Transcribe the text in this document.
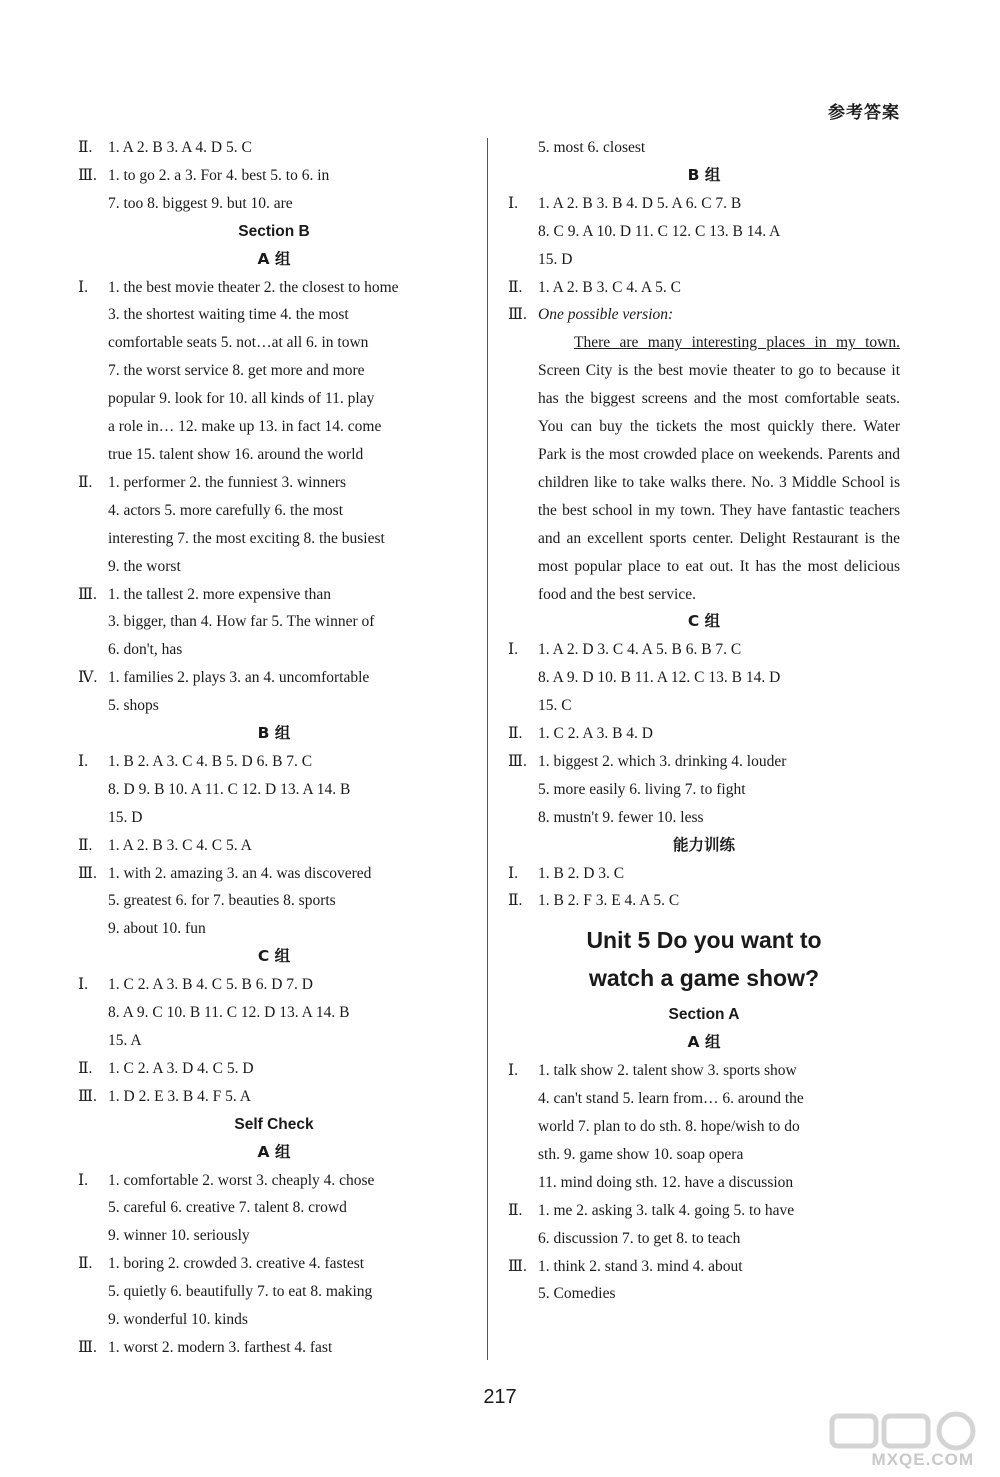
参考答案
Ⅱ. 1. A 2. B 3. A 4. D 5. C
Ⅲ. 1. to go 2. a 3. For 4. best 5. to 6. in
7. too 8. biggest 9. but 10. are
Section B
A 组
Ⅰ. 1. the best movie theater 2. the closest to home
3. the shortest waiting time 4. the most
comfortable seats 5. not…at all 6. in town
7. the worst service 8. get more and more
popular 9. look for 10. all kinds of 11. play
a role in… 12. make up 13. in fact 14. come
true 15. talent show 16. around the world
Ⅱ. 1. performer 2. the funniest 3. winners
4. actors 5. more carefully 6. the most
interesting 7. the most exciting 8. the busiest
9. the worst
Ⅲ. 1. the tallest 2. more expensive than
3. bigger, than 4. How far 5. The winner of
6. don't, has
Ⅳ. 1. families 2. plays 3. an 4. uncomfortable
5. shops
B 组
Ⅰ. 1. B 2. A 3. C 4. B 5. D 6. B 7. C
8. D 9. B 10. A 11. C 12. D 13. A 14. B
15. D
Ⅱ. 1. A 2. B 3. C 4. C 5. A
Ⅲ. 1. with 2. amazing 3. an 4. was discovered
5. greatest 6. for 7. beauties 8. sports
9. about 10. fun
C 组
Ⅰ. 1. C 2. A 3. B 4. C 5. B 6. D 7. D
8. A 9. C 10. B 11. C 12. D 13. A 14. B
15. A
Ⅱ. 1. C 2. A 3. D 4. C 5. D
Ⅲ. 1. D 2. E 3. B 4. F 5. A
Self Check
A 组
Ⅰ. 1. comfortable 2. worst 3. cheaply 4. chose
5. careful 6. creative 7. talent 8. crowd
9. winner 10. seriously
Ⅱ. 1. boring 2. crowded 3. creative 4. fastest
5. quietly 6. beautifully 7. to eat 8. making
9. wonderful 10. kinds
Ⅲ. 1. worst 2. modern 3. farthest 4. fast
5. most 6. closest
B 组
Ⅰ. 1. A 2. B 3. B 4. D 5. A 6. C 7. B
8. C 9. A 10. D 11. C 12. C 13. B 14. A
15. D
Ⅱ. 1. A 2. B 3. C 4. A 5. C
Ⅲ. One possible version:
There are many interesting places in my town. Screen City is the best movie theater to go to because it has the biggest screens and the most comfortable seats. You can buy the tickets the most quickly there. Water Park is the most crowded place on weekends. Parents and children like to take walks there. No. 3 Middle School is the best school in my town. They have fantastic teachers and an excellent sports center. Delight Restaurant is the most popular place to eat out. It has the most delicious food and the best service.
C 组
Ⅰ. 1. A 2. D 3. C 4. A 5. B 6. B 7. C
8. A 9. D 10. B 11. A 12. C 13. B 14. D
15. C
Ⅱ. 1. C 2. A 3. B 4. D
Ⅲ. 1. biggest 2. which 3. drinking 4. louder
5. more easily 6. living 7. to fight
8. mustn't 9. fewer 10. less
能力训练
Ⅰ. 1. B 2. D 3. C
Ⅱ. 1. B 2. F 3. E 4. A 5. C
Unit 5 Do you want to
watch a game show?
Section A
A 组
Ⅰ. 1. talk show 2. talent show 3. sports show
4. can't stand 5. learn from… 6. around the
world 7. plan to do sth. 8. hope/wish to do
sth. 9. game show 10. soap opera
11. mind doing sth. 12. have a discussion
Ⅱ. 1. me 2. asking 3. talk 4. going 5. to have
6. discussion 7. to get 8. to teach
Ⅲ. 1. think 2. stand 3. mind 4. about
5. Comedies
217
MXQE.COM
